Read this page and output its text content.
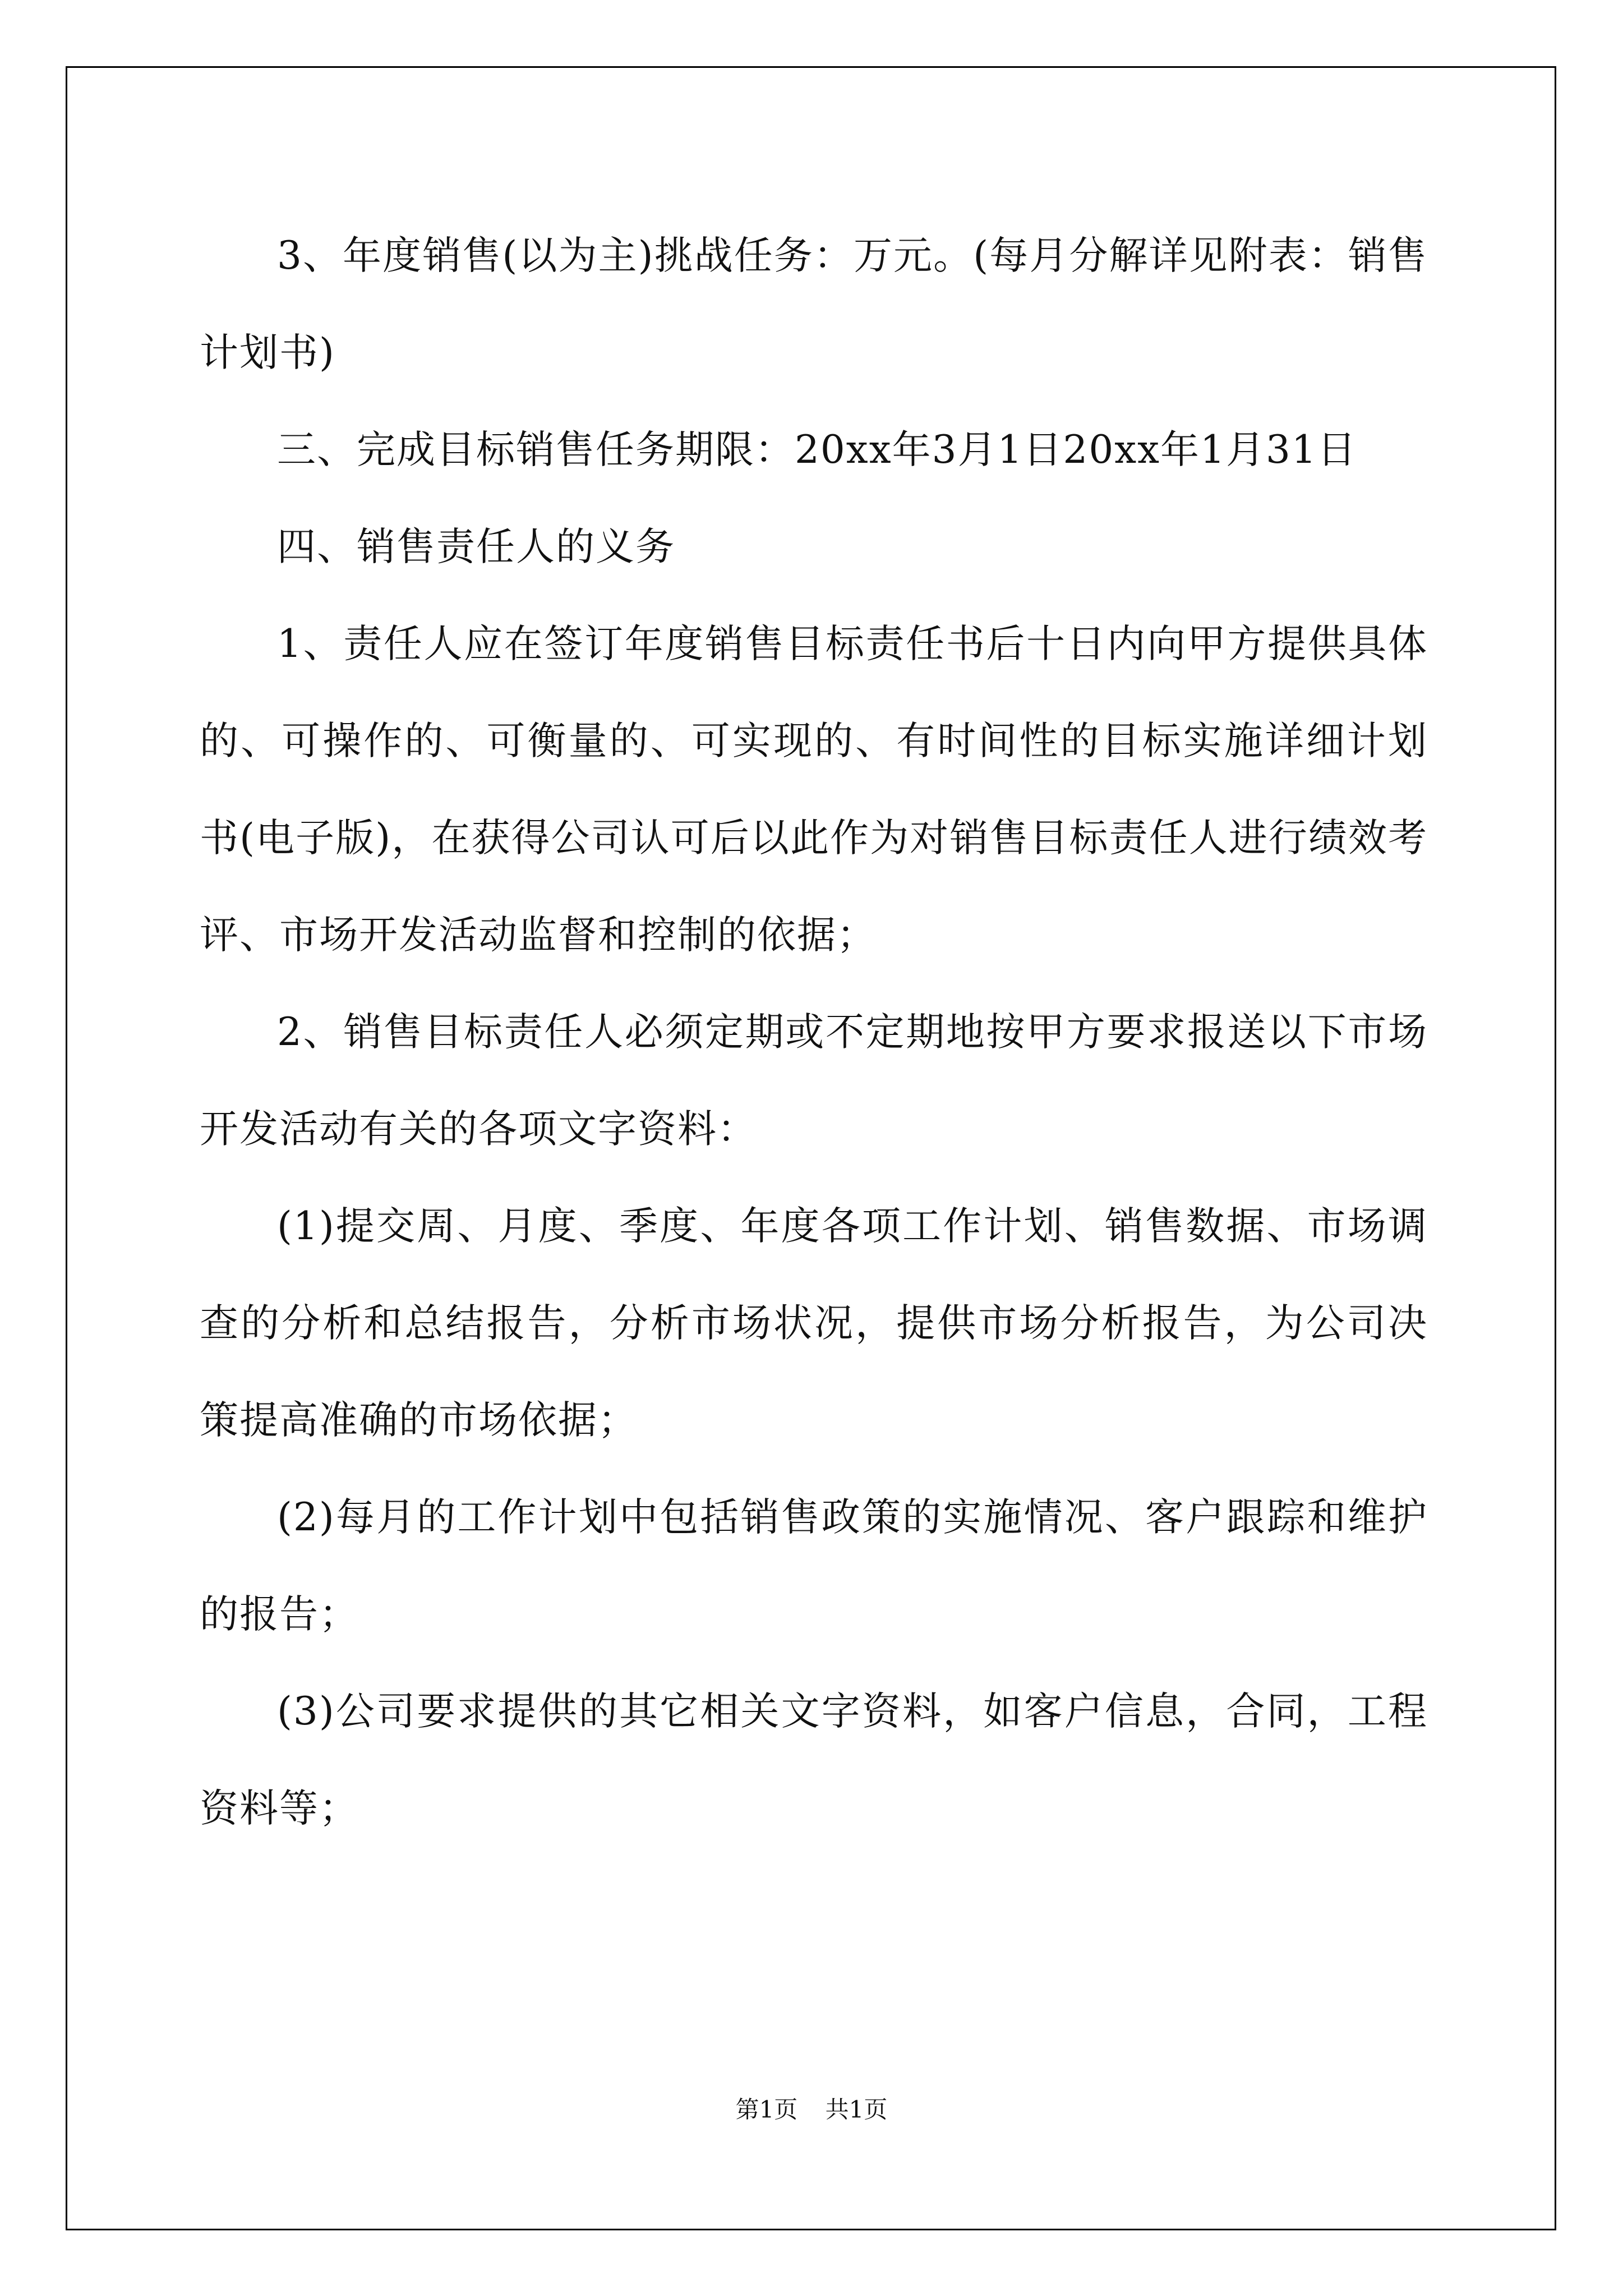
3、年度销售(以为主)挑战任务：万元。(每月分解详见附表：销售计划书)

三、完成目标销售任务期限：20xx年3月1日20xx年1月31日

四、销售责任人的义务

1、责任人应在签订年度销售目标责任书后十日内向甲方提供具体的、可操作的、可衡量的、可实现的、有时间性的目标实施详细计划书(电子版)，在获得公司认可后以此作为对销售目标责任人进行绩效考评、市场开发活动监督和控制的依据；

2、销售目标责任人必须定期或不定期地按甲方要求报送以下市场开发活动有关的各项文字资料：

(1)提交周、月度、季度、年度各项工作计划、销售数据、市场调查的分析和总结报告，分析市场状况，提供市场分析报告，为公司决策提高准确的市场依据；

(2)每月的工作计划中包括销售政策的实施情况、客户跟踪和维护的报告；

(3)公司要求提供的其它相关文字资料，如客户信息，合同，工程资料等；

第1页 共1页
